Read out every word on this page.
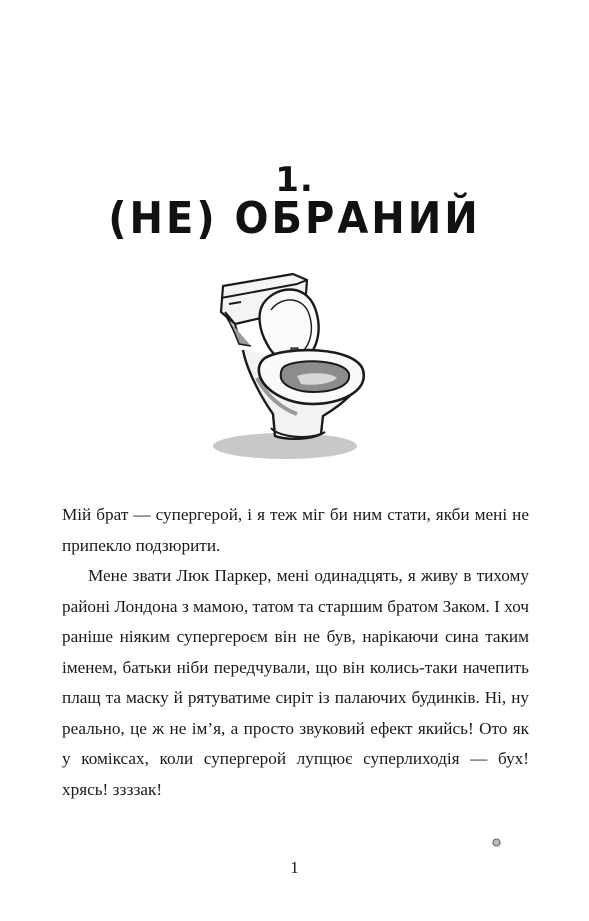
1.
(НЕ) ОБРАНИЙ

Мій брат — супергерой, і я теж міг би ним стати, якби мені не припекло подзюрити.

Мене звати Люк Паркер, мені одинадцять, я живу в тихому районі Лондона з мамою, татом та старшим братом Заком. І хоч раніше ніяким супергероєм він не був, нарікаючи сина таким іменем, батьки ніби передчували, що він колись-таки начепить плащ та маску й рятуватиме сиріт із палаючих будинків. Ні, ну реально, це ж не ім’я, а просто звуковий ефект якийсь! Ото як у коміксах, коли супергерой лупцює суперлиходія — бух! хрясь! ззззак!

1
